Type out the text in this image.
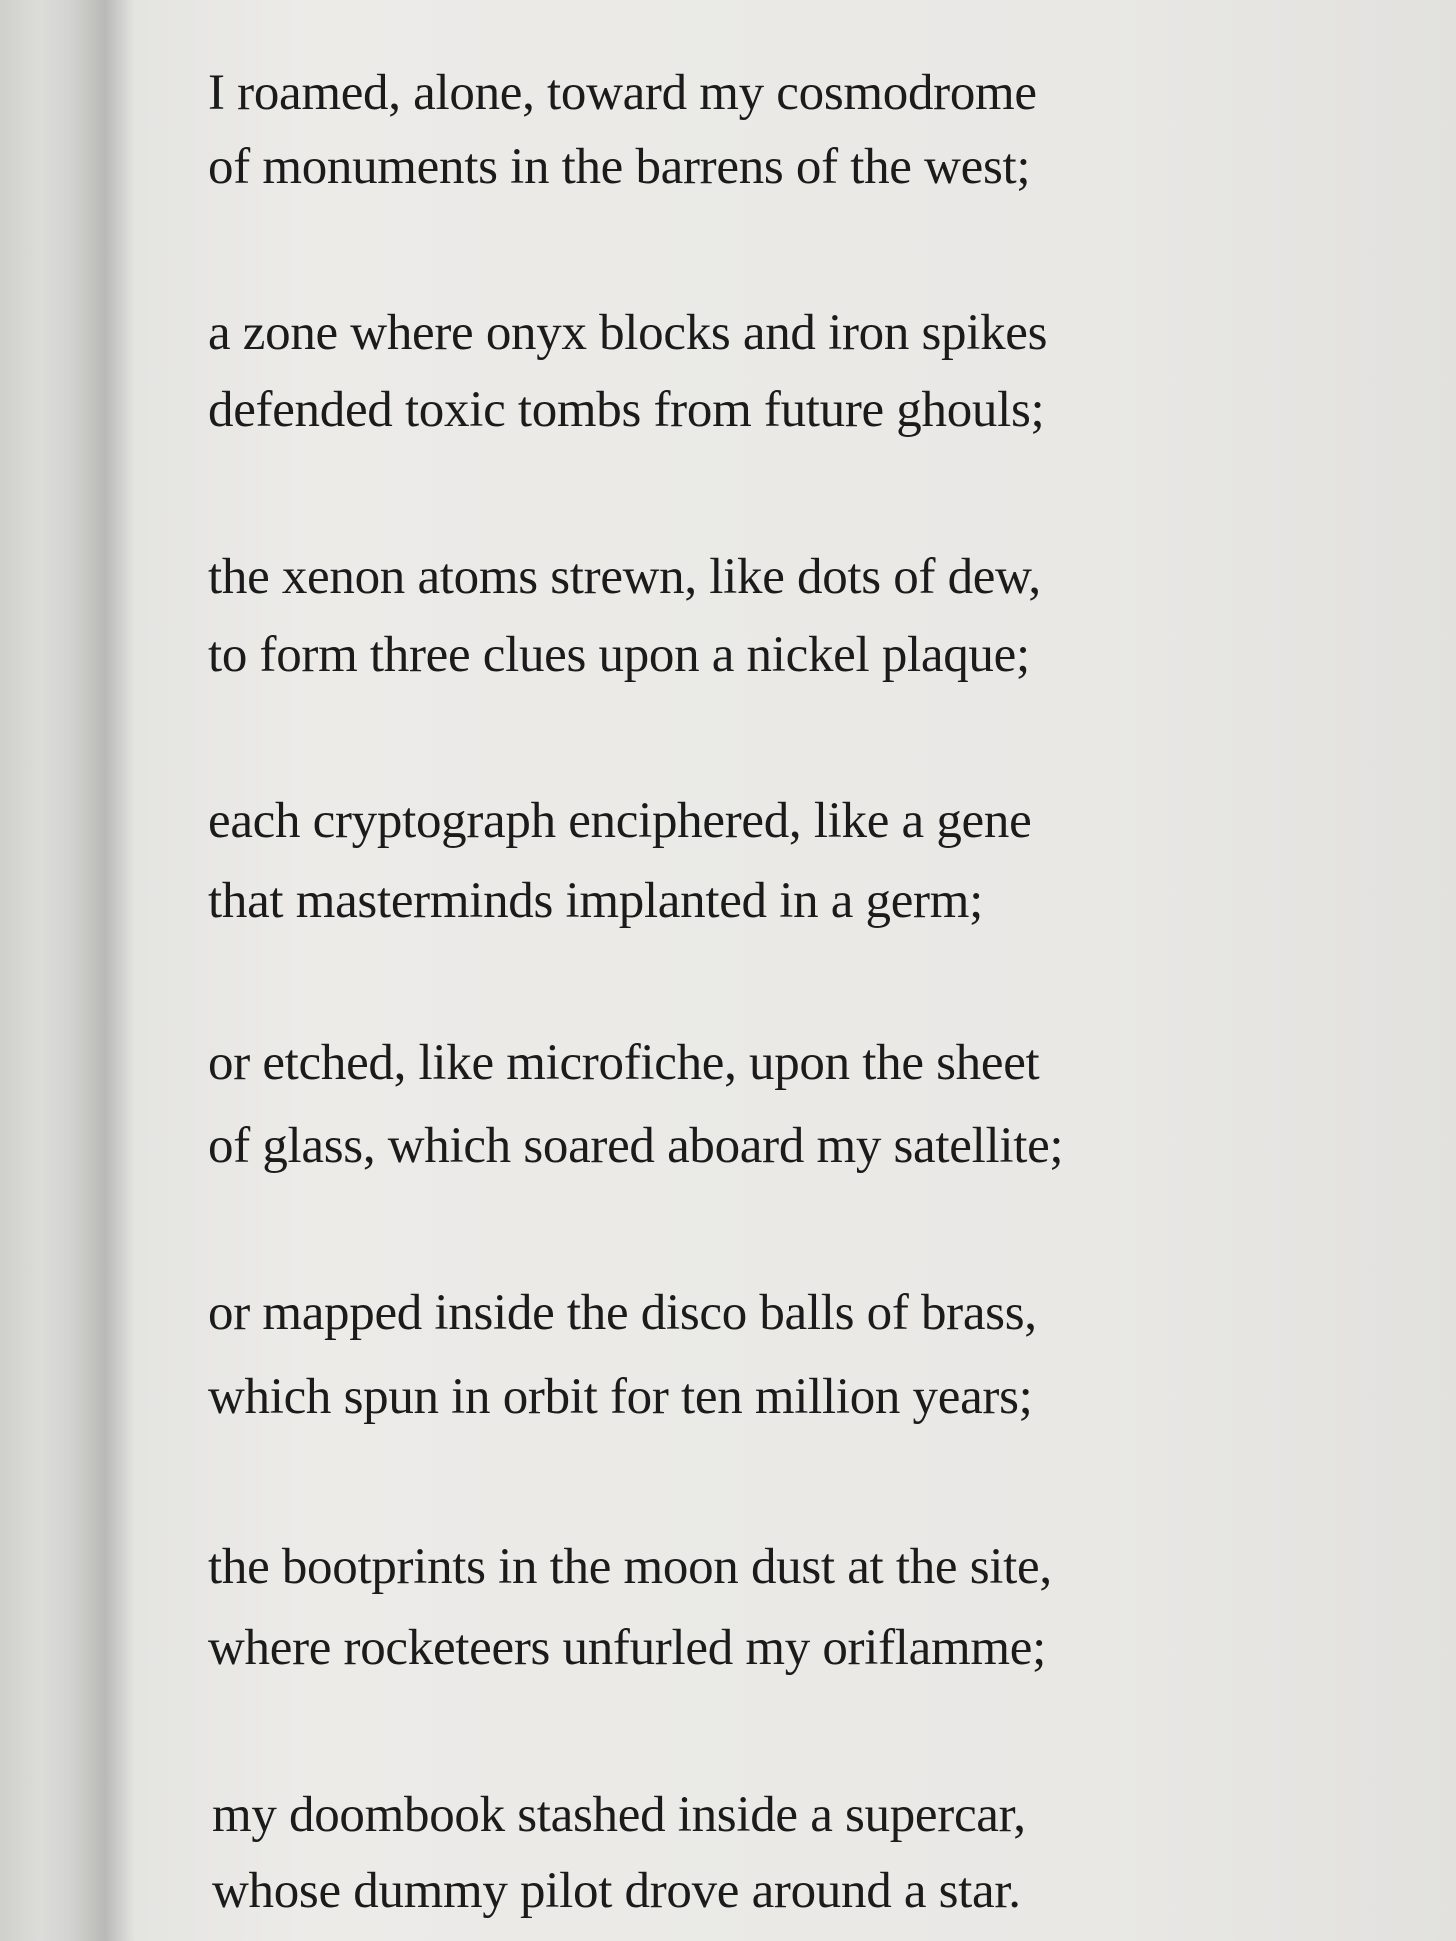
I roamed, alone, toward my cosmodrome
of monuments in the barrens of the west;
a zone where onyx blocks and iron spikes
defended toxic tombs from future ghouls;
the xenon atoms strewn, like dots of dew,
to form three clues upon a nickel plaque;
each cryptograph enciphered, like a gene
that masterminds implanted in a germ;
or etched, like microfiche, upon the sheet
of glass, which soared aboard my satellite;
or mapped inside the disco balls of brass,
which spun in orbit for ten million years;
the bootprints in the moon dust at the site,
where rocketeers unfurled my oriflamme;
my doombook stashed inside a supercar,
whose dummy pilot drove around a star.
